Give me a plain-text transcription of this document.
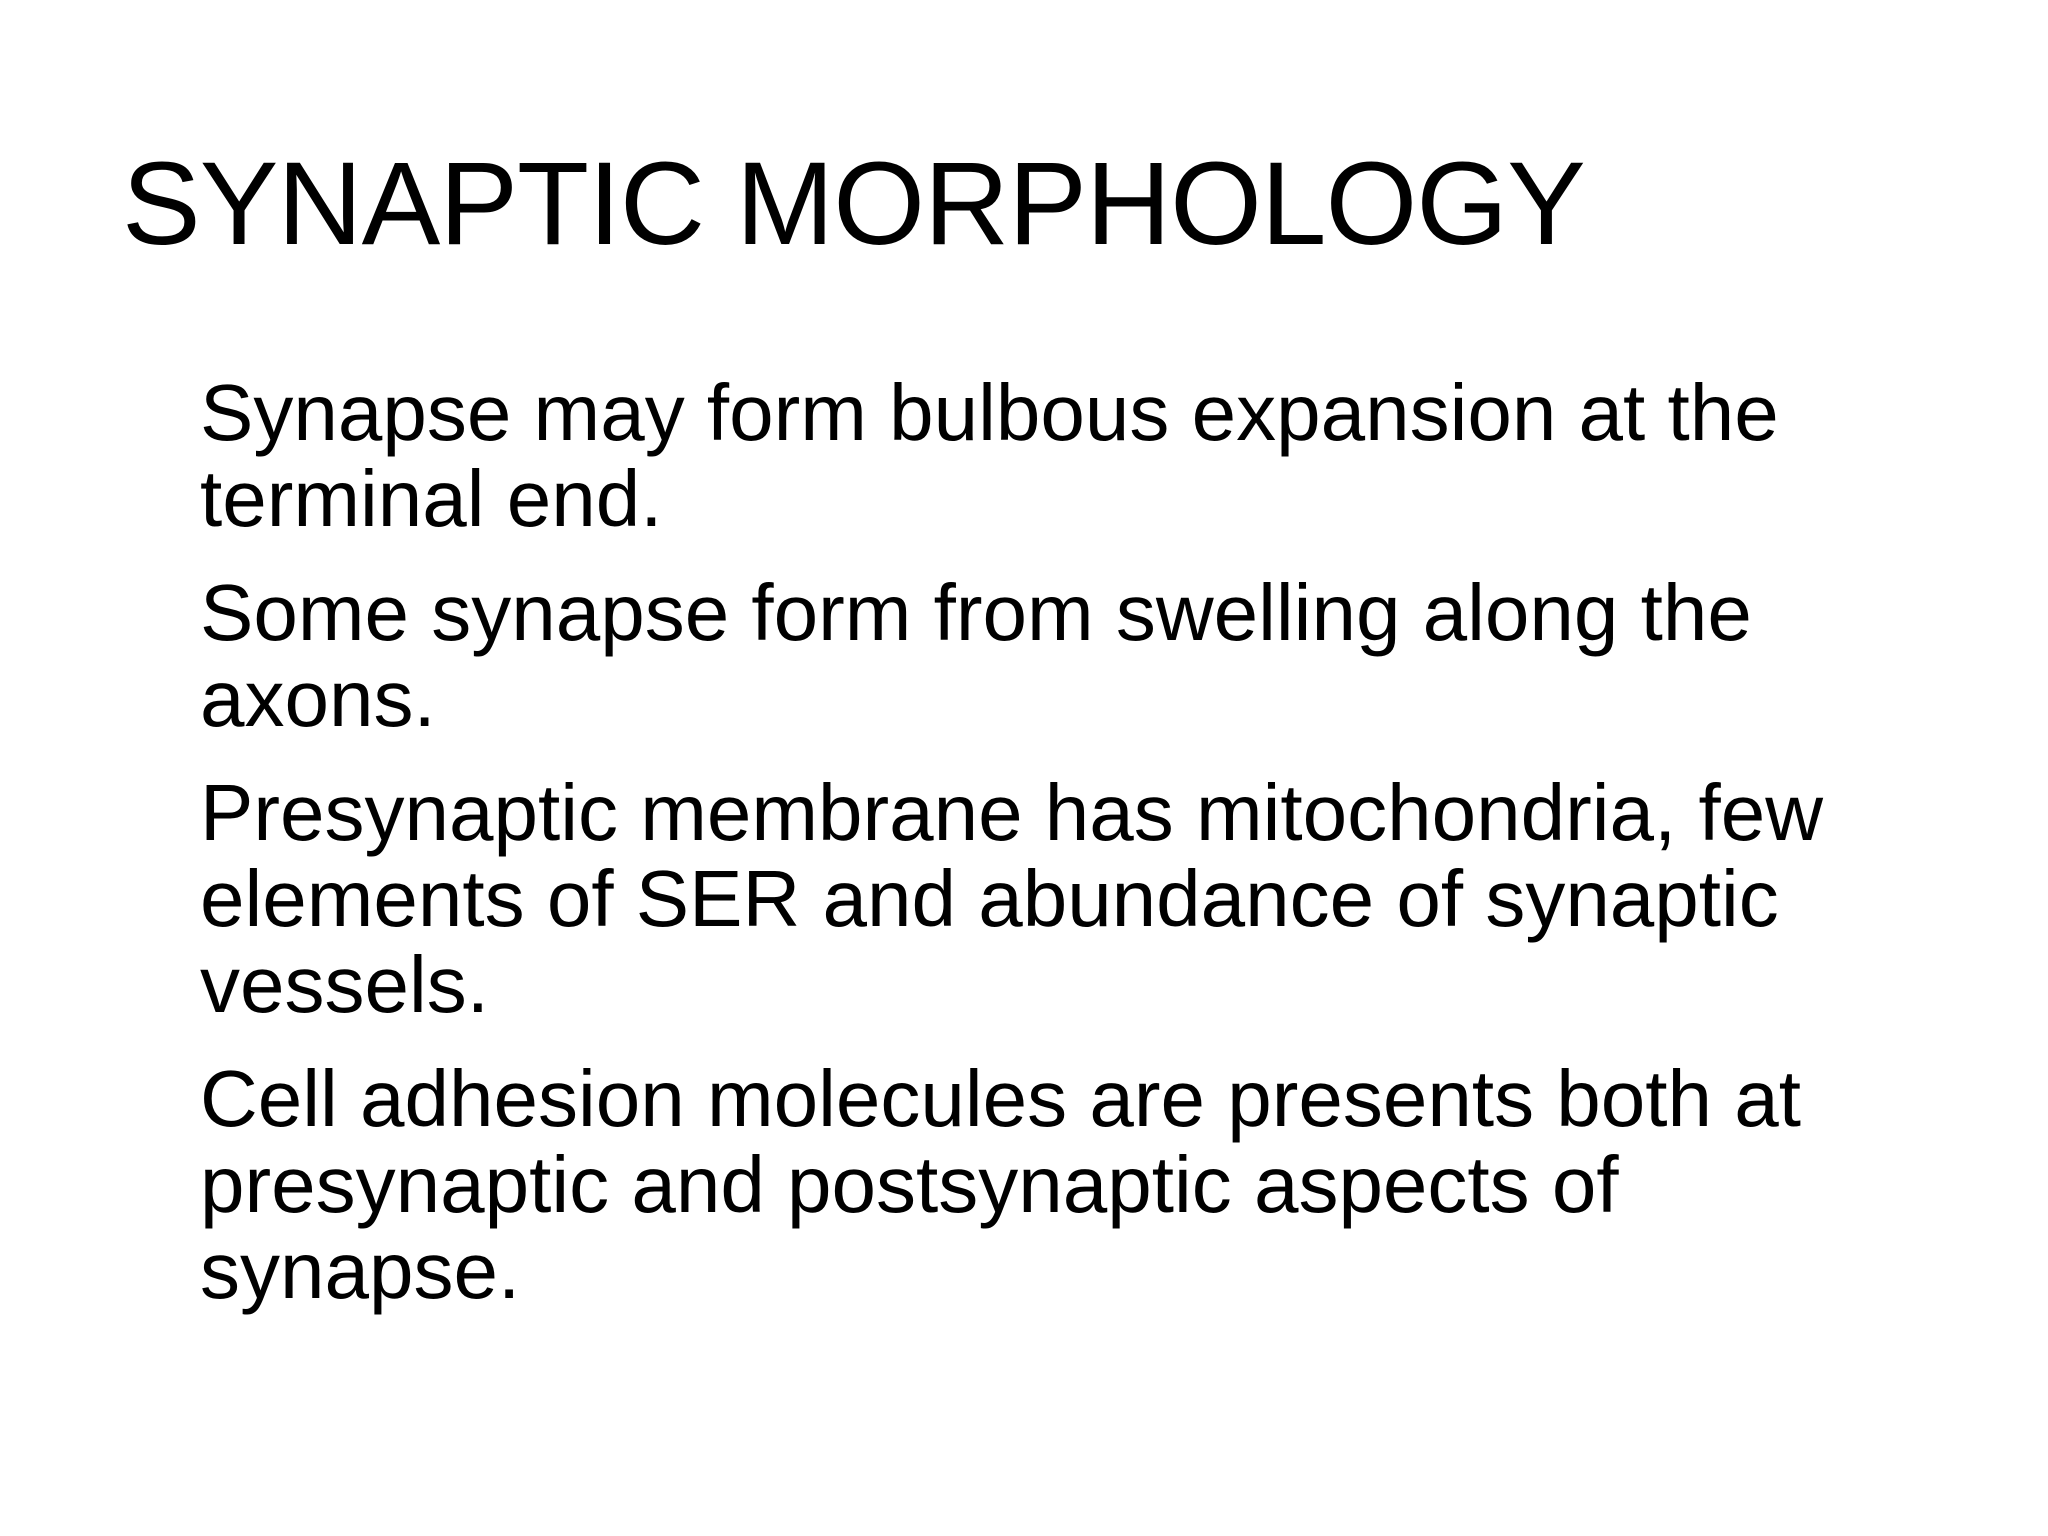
SYNAPTIC MORPHOLOGY
Synapse may form bulbous expansion at the terminal end.
Some synapse form from swelling along the axons.
Presynaptic membrane has mitochondria, few elements of SER and abundance of synaptic vessels.
Cell adhesion molecules are presents both at presynaptic and postsynaptic aspects of synapse.
